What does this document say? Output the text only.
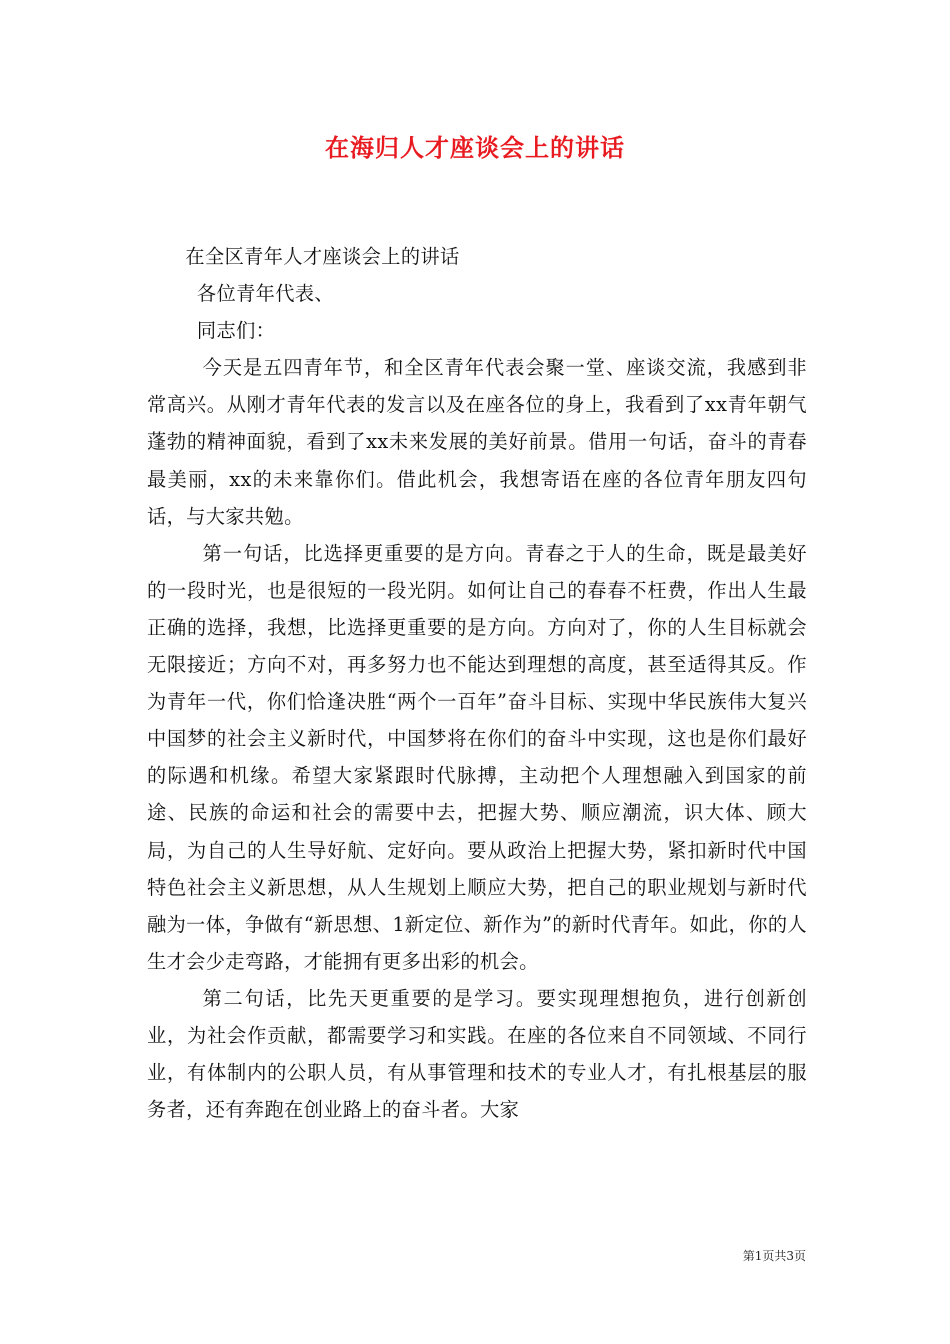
在海归人才座谈会上的讲话

在全区青年人才座谈会上的讲话

各位青年代表、

同志们：

今天是五四青年节，和全区青年代表会聚一堂、座谈交流，我感到非常高兴。从刚才青年代表的发言以及在座各位的身上，我看到了xx青年朝气蓬勃的精神面貌，看到了xx未来发展的美好前景。借用一句话，奋斗的青春最美丽，xx的未来靠你们。借此机会，我想寄语在座的各位青年朋友四句话，与大家共勉。

第一句话，比选择更重要的是方向。青春之于人的生命，既是最美好的一段时光，也是很短的一段光阴。如何让自己的春春不枉费，作出人生最正确的选择，我想，比选择更重要的是方向。方向对了，你的人生目标就会无限接近；方向不对，再多努力也不能达到理想的高度，甚至适得其反。作为青年一代，你们恰逢决胜“两个一百年”奋斗目标、实现中华民族伟大复兴中国梦的社会主义新时代，中国梦将在你们的奋斗中实现，这也是你们最好的际遇和机缘。希望大家紧跟时代脉搏，主动把个人理想融入到国家的前途、民族的命运和社会的需要中去，把握大势、顺应潮流，识大体、顾大局，为自己的人生导好航、定好向。要从政治上把握大势，紧扣新时代中国特色社会主义新思想，从人生规划上顺应大势，把自己的职业规划与新时代融为一体，争做有“新思想、1新定位、新作为”的新时代青年。如此，你的人生才会少走弯路，才能拥有更多出彩的机会。

第二句话，比先天更重要的是学习。要实现理想抱负，进行创新创业，为社会作贡献，都需要学习和实践。在座的各位来自不同领域、不同行业，有体制内的公职人员，有从事管理和技术的专业人才，有扎根基层的服务者，还有奔跑在创业路上的奋斗者。大家

第1页共3页
